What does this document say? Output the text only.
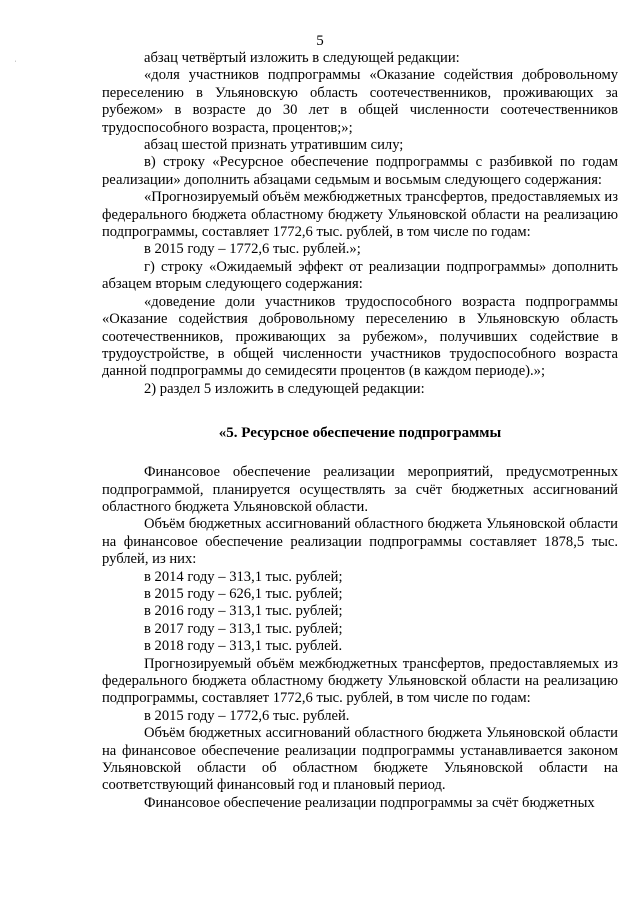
5
ˌ	абзац четвёртый изложить в следующей редакции:

«доля участников подпрограммы «Оказание содействия добровольному переселению в Ульяновскую область соотечественников, проживающих за рубежом» в возрасте до 30 лет в общей численности соотечественников трудоспособного возраста, процентов;»;

абзац шестой признать утратившим силу;

в) строку «Ресурсное обеспечение подпрограммы с разбивкой по годам реализации» дополнить абзацами седьмым и восьмым следующего содержания:

«Прогнозируемый объём межбюджетных трансфертов, предоставляемых из федерального бюджета областному бюджету Ульяновской области на реализацию подпрограммы, составляет 1772,6 тыс. рублей, в том числе по годам:

в 2015 году – 1772,6 тыс. рублей.»;

г) строку «Ожидаемый эффект от реализации подпрограммы» дополнить абзацем вторым следующего содержания:

«доведение доли участников трудоспособного возраста подпрограммы «Оказание содействия добровольному переселению в Ульяновскую область соотечественников, проживающих за рубежом», получивших содействие в трудоустройстве, в общей численности участников трудоспособного возраста данной подпрограммы до семидесяти процентов (в каждом периоде).»;

2) раздел 5 изложить в следующей редакции:

«5. Ресурсное обеспечение подпрограммы

Финансовое обеспечение реализации мероприятий, предусмотренных подпрограммой, планируется осуществлять за счёт бюджетных ассигнований областного бюджета Ульяновской области.

Объём бюджетных ассигнований областного бюджета Ульяновской области на финансовое обеспечение реализации подпрограммы составляет 1878,5 тыс. рублей, из них:

в 2014 году – 313,1 тыс. рублей;

в 2015 году – 626,1 тыс. рублей;

в 2016 году – 313,1 тыс. рублей;

в 2017 году – 313,1 тыс. рублей;

в 2018 году – 313,1 тыс. рублей.

Прогнозируемый объём межбюджетных трансфертов, предоставляемых из федерального бюджета областному бюджету Ульяновской области на реализацию подпрограммы, составляет 1772,6 тыс. рублей, в том числе по годам:

в 2015 году – 1772,6 тыс. рублей.

Объём бюджетных ассигнований областного бюджета Ульяновской области на финансовое обеспечение реализации подпрограммы устанавливается законом Ульяновской области об областном бюджете Ульяновской области на соответствующий финансовый год и плановый период.

Финансовое обеспечение реализации подпрограммы за счёт бюджетных
